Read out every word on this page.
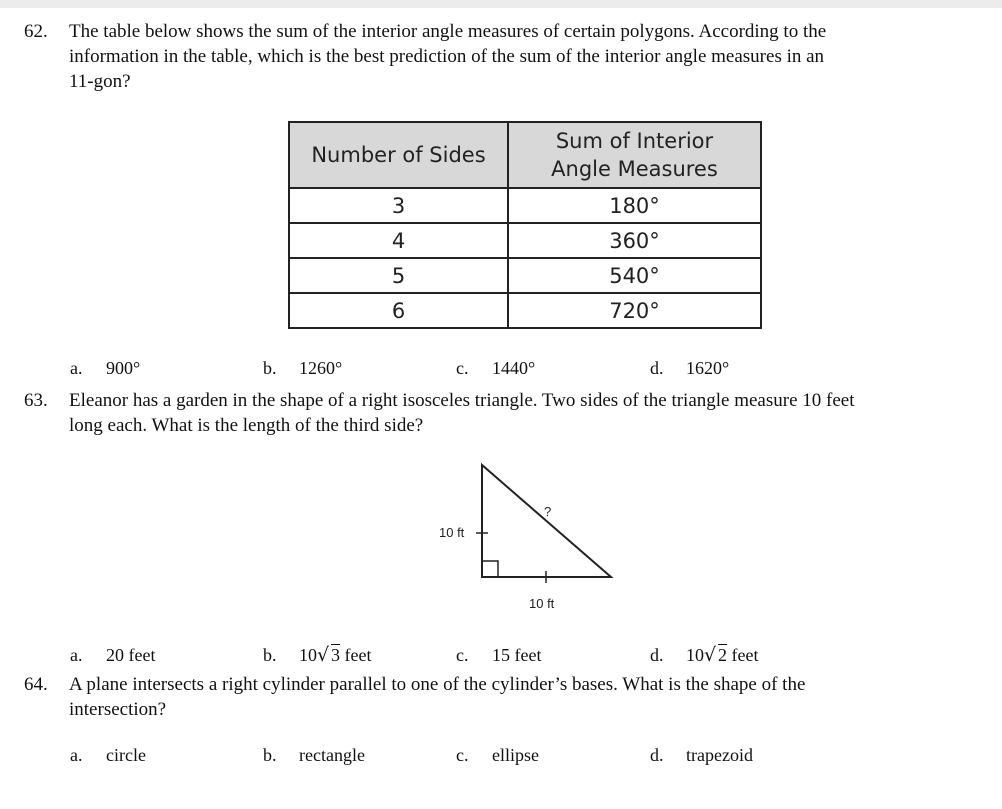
62. The table below shows the sum of the interior angle measures of certain polygons. According to the
information in the table, which is the best prediction of the sum of the interior angle measures in an
11-gon?
Number of Sides	Sum of Interior
Angle Measures

3	180°
4	360°
5	540°
6	720°
a. 900°	b. 1260°	c. 1440°	d. 1620°
63. Eleanor has a garden in the shape of a right isosceles triangle. Two sides of the triangle measure 10 feet
long each. What is the length of the third side?
10 ft
10 ft
?
a. 20 feet	b. 10 √ 3 feet	c. 15 feet	d. 10 √ 2 feet
64. A plane intersects a right cylinder parallel to one of the cylinder’s bases. What is the shape of the
intersection?
a. circle	b. rectangle	c. ellipse	d. trapezoid
